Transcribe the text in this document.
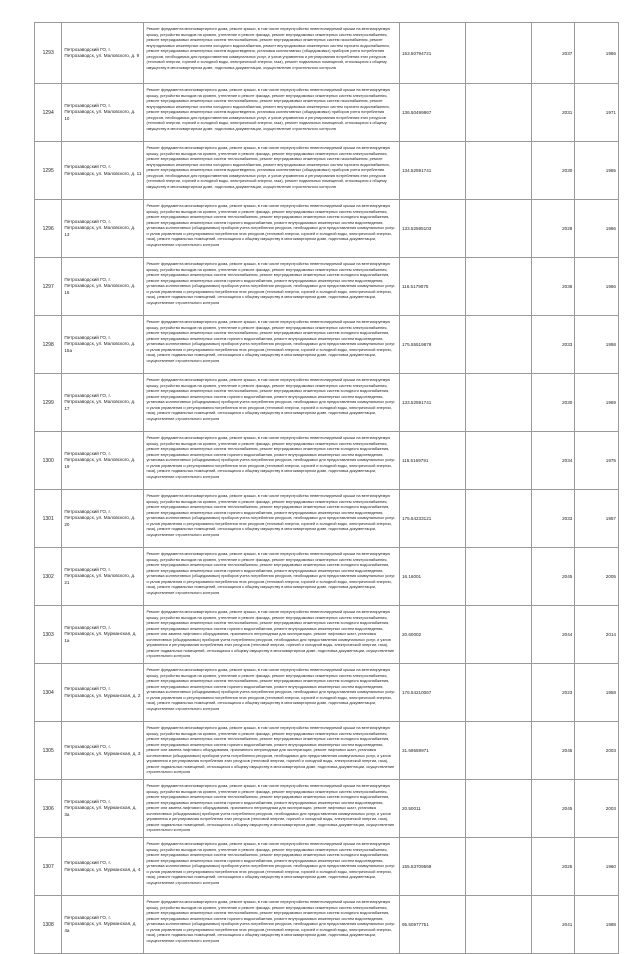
1293	Петрозаводский ГО, г. Петрозаводск, ул. Маловского, д. 9	Ремонт фундамента многоквартирного дома, ремонт крыши, в том числе переустройство невентилируемой крыши на вентилируемую крышу, устройство выходов на кровлю, утепление и ремонт фасада, ремонт внутридомовых инженерных систем электроснабжения, ремонт внутридомовых инженерных систем теплоснабжения, ремонт внутридомовых инженерных систем газоснабжения, ремонт внутридомовых инженерных систем холодного водоснабжения, ремонт внутридомовых инженерных систем горячего водоснабжения, ремонт внутридомовых инженерных систем водоотведения, установка коллективных (общедомовых) приборов учета потребления ресурсов, необходимых для предоставления коммунальных услуг, и узлов управления и регулирования потребления этих ресурсов (тепловой энергии, горячей и холодной воды, электрической энергии, газа), ремонт подвальных помещений, относящихся к общему имуществу в многоквартирном доме, подготовка документации, осуществление строительного контроля	153.50794721		2037	1966
1294	Петрозаводский ГО, г. Петрозаводск, ул. Маловского, д. 10	Ремонт фундамента многоквартирного дома, ремонт крыши, в том числе переустройство невентилируемой крыши на вентилируемую крышу, устройство выходов на кровлю, утепление и ремонт фасада, ремонт внутридомовых инженерных систем электроснабжения, ремонт внутридомовых инженерных систем теплоснабжения, ремонт внутридомовых инженерных систем газоснабжения, ремонт внутридомовых инженерных систем холодного водоснабжения, ремонт внутридомовых инженерных систем горячего водоснабжения, ремонт внутридомовых инженерных систем водоотведения, установка коллективных (общедомовых) приборов учета потребления ресурсов, необходимых для предоставления коммунальных услуг, и узлов управления и регулирования потребления этих ресурсов (тепловой энергии, горячей и холодной воды, электрической энергии, газа), ремонт подвальных помещений, относящихся к общему имуществу в многоквартирном доме, подготовка документации, осуществление строительного контроля	136.50499867		2031	1971
1295	Петрозаводский ГО, г. Петрозаводск, ул. Маловского, д. 11	Ремонт фундамента многоквартирного дома, ремонт крыши, в том числе переустройство невентилируемой крыши на вентилируемую крышу, устройство выходов на кровлю, утепление и ремонт фасада, ремонт внутридомовых инженерных систем электроснабжения, ремонт внутридомовых инженерных систем теплоснабжения, ремонт внутридомовых инженерных систем газоснабжения, ремонт внутридомовых инженерных систем холодного водоснабжения, ремонт внутридомовых инженерных систем горячего водоснабжения, ремонт внутридомовых инженерных систем водоотведения, установка коллективных (общедомовых) приборов учета потребления ресурсов, необходимых для предоставления коммунальных услуг, и узлов управления и регулирования потребления этих ресурсов (тепловой энергии, горячей и холодной воды, электрической энергии, газа), ремонт подвальных помещений, относящихся к общему имуществу в многоквартирном доме, подготовка документации, осуществление строительного контроля	134.52591741		2030	1965
1296	Петрозаводский ГО, г. Петрозаводск, ул. Маловского, д. 13	Ремонт фундамента многоквартирного дома, ремонт крыши, в том числе переустройство невентилируемой крыши на вентилируемую крышу, устройство выходов на кровлю, утепление и ремонт фасада, ремонт внутридомовых инженерных систем электроснабжения, ремонт внутридомовых инженерных систем теплоснабжения, ремонт внутридомовых инженерных систем холодного водоснабжения, ремонт внутридомовых инженерных систем горячего водоснабжения, ремонт внутридомовых инженерных систем водоотведения, установка коллективных (общедомовых) приборов учета потребления ресурсов, необходимых для предоставления коммунальных услуг, и узлов управления и регулирования потребления этих ресурсов (тепловой энергии, горячей и холодной воды, электрической энергии, газа), ремонт подвальных помещений, относящихся к общему имуществу в многоквартирном доме, подготовка документации, осуществление строительного контроля	133.52595103		2028	1966
1297	Петрозаводский ГО, г. Петрозаводск, ул. Маловского, д. 15	Ремонт фундамента многоквартирного дома, ремонт крыши, в том числе переустройство невентилируемой крыши на вентилируемую крышу, устройство выходов на кровлю, утепление и ремонт фасада, ремонт внутридомовых инженерных систем электроснабжения, ремонт внутридомовых инженерных систем теплоснабжения, ремонт внутридомовых инженерных систем холодного водоснабжения, ремонт внутридомовых инженерных систем горячего водоснабжения, ремонт внутридомовых инженерных систем водоотведения, установка коллективных (общедомовых) приборов учета потребления ресурсов, необходимых для предоставления коммунальных услуг, и узлов управления и регулирования потребления этих ресурсов (тепловой энергии, горячей и холодной воды, электрической энергии, газа), ремонт подвальных помещений, относящихся к общему имуществу в многоквартирном доме, подготовка документации, осуществление строительного контроля	116.5179075		2036	1966
1298	Петрозаводский ГО, г. Петрозаводск, ул. Маловского, д. 15а	Ремонт фундамента многоквартирного дома, ремонт крыши, в том числе переустройство невентилируемой крыши на вентилируемую крышу, устройство выходов на кровлю, утепление и ремонт фасада, ремонт внутридомовых инженерных систем электроснабжения, ремонт внутридомовых инженерных систем теплоснабжения, ремонт внутридомовых инженерных систем холодного водоснабжения, ремонт внутридомовых инженерных систем горячего водоснабжения, ремонт внутридомовых инженерных систем водоотведения, установка коллективных (общедомовых) приборов учета потребления ресурсов, необходимых для предоставления коммунальных услуг, и узлов управления и регулирования потребления этих ресурсов (тепловой энергии, горячей и холодной воды, электрической энергии, газа), ремонт подвальных помещений, относящихся к общему имуществу в многоквартирном доме, подготовка документации, осуществление строительного контроля	175.55519879		2033	1958
1299	Петрозаводский ГО, г. Петрозаводск, ул. Маловского, д. 17	Ремонт фундамента многоквартирного дома, ремонт крыши, в том числе переустройство невентилируемой крыши на вентилируемую крышу, устройство выходов на кровлю, утепление и ремонт фасада, ремонт внутридомовых инженерных систем электроснабжения, ремонт внутридомовых инженерных систем теплоснабжения, ремонт внутридомовых инженерных систем холодного водоснабжения, ремонт внутридомовых инженерных систем горячего водоснабжения, ремонт внутридомовых инженерных систем водоотведения, установка коллективных (общедомовых) приборов учета потребления ресурсов, необходимых для предоставления коммунальных услуг, и узлов управления и регулирования потребления этих ресурсов (тепловой энергии, горячей и холодной воды, электрической энергии, газа), ремонт подвальных помещений, относящихся к общему имуществу в многоквартирном доме, подготовка документации, осуществление строительного контроля	133.52591741		2030	1969
1300	Петрозаводский ГО, г. Петрозаводск, ул. Маловского, д. 19	Ремонт фундамента многоквартирного дома, ремонт крыши, в том числе переустройство невентилируемой крыши на вентилируемую крышу, устройство выходов на кровлю, утепление и ремонт фасада, ремонт внутридомовых инженерных систем электроснабжения, ремонт внутридомовых инженерных систем теплоснабжения, ремонт внутридомовых инженерных систем холодного водоснабжения, ремонт внутридомовых инженерных систем горячего водоснабжения, ремонт внутридомовых инженерных систем водоотведения, установка коллективных (общедомовых) приборов учета потребления ресурсов, необходимых для предоставления коммунальных услуг, и узлов управления и регулирования потребления этих ресурсов (тепловой энергии, горячей и холодной воды, электрической энергии, газа), ремонт подвальных помещений, относящихся к общему имуществу в многоквартирном доме, подготовка документации, осуществление строительного контроля	115.5169791		2034	1975
1301	Петрозаводский ГО, г. Петрозаводск, ул. Маловского, д. 20	Ремонт фундамента многоквартирного дома, ремонт крыши, в том числе переустройство невентилируемой крыши на вентилируемую крышу, устройство выходов на кровлю, утепление и ремонт фасада, ремонт внутридомовых инженерных систем электроснабжения, ремонт внутридомовых инженерных систем теплоснабжения, ремонт внутридомовых инженерных систем холодного водоснабжения, ремонт внутридомовых инженерных систем горячего водоснабжения, ремонт внутридомовых инженерных систем водоотведения, установка коллективных (общедомовых) приборов учета потребления ресурсов, необходимых для предоставления коммунальных услуг, и узлов управления и регулирования потребления этих ресурсов (тепловой энергии, горячей и холодной воды, электрической энергии, газа), ремонт подвальных помещений, относящихся к общему имуществу в многоквартирном доме, подготовка документации, осуществление строительного контроля	175.54233121		2033	1957
1302	Петрозаводский ГО, г. Петрозаводск, ул. Маловского, д. 21	Ремонт фундамента многоквартирного дома, ремонт крыши, в том числе переустройство невентилируемой крыши на вентилируемую крышу, устройство выходов на кровлю, утепление и ремонт фасада, ремонт внутридомовых инженерных систем электроснабжения, ремонт внутридомовых инженерных систем теплоснабжения, ремонт внутридомовых инженерных систем холодного водоснабжения, ремонт внутридомовых инженерных систем горячего водоснабжения, ремонт внутридомовых инженерных систем водоотведения, установка коллективных (общедомовых) приборов учета потребления ресурсов, необходимых для предоставления коммунальных услуг, и узлов управления и регулирования потребления этих ресурсов (тепловой энергии, горячей и холодной воды, электрической энергии, газа), ремонт подвальных помещений, относящихся к общему имуществу в многоквартирном доме, подготовка документации, осуществление строительного контроля	16.16001		2045	2005
1303	Петрозаводский ГО, г. Петрозаводск, ул. Мурманская, д. 1а	Ремонт фундамента многоквартирного дома, ремонт крыши, в том числе переустройство невентилируемой крыши на вентилируемую крышу, устройство выходов на кровлю, утепление и ремонт фасада, ремонт внутридомовых инженерных систем электроснабжения, ремонт внутридомовых инженерных систем теплоснабжения, ремонт внутридомовых инженерных систем холодного водоснабжения, ремонт внутридомовых инженерных систем горячего водоснабжения, ремонт внутридомовых инженерных систем водоотведения, ремонт или замена лифтового оборудования, признанного непригодным для эксплуатации, ремонт лифтовых шахт, установка коллективных (общедомовых) приборов учета потребления ресурсов, необходимых для предоставления коммунальных услуг, и узлов управления и регулирования потребления этих ресурсов (тепловой энергии, горячей и холодной воды, электрической энергии, газа), ремонт подвальных помещений, относящихся к общему имуществу в многоквартирном доме, подготовка документации, осуществление строительного контроля	20.60002		2044	2014
1304	Петрозаводский ГО, г. Петрозаводск, ул. Мурманская, д. 2	Ремонт фундамента многоквартирного дома, ремонт крыши, в том числе переустройство невентилируемой крыши на вентилируемую крышу, устройство выходов на кровлю, утепление и ремонт фасада, ремонт внутридомовых инженерных систем электроснабжения, ремонт внутридомовых инженерных систем теплоснабжения, ремонт внутридомовых инженерных систем холодного водоснабжения, ремонт внутридомовых инженерных систем горячего водоснабжения, ремонт внутридомовых инженерных систем водоотведения, установка коллективных (общедомовых) приборов учета потребления ресурсов, необходимых для предоставления коммунальных услуг, и узлов управления и регулирования потребления этих ресурсов (тепловой энергии, горячей и холодной воды, электрической энергии, газа), ремонт подвальных помещений, относящихся к общему имуществу в многоквартирном доме, подготовка документации, осуществление строительного контроля	176.54210067		2023	1958
1305	Петрозаводский ГО, г. Петрозаводск, ул. Мурманская, д. 3	Ремонт фундамента многоквартирного дома, ремонт крыши, в том числе переустройство невентилируемой крыши на вентилируемую крышу, устройство выходов на кровлю, утепление и ремонт фасада, ремонт внутридомовых инженерных систем электроснабжения, ремонт внутридомовых инженерных систем теплоснабжения, ремонт внутридомовых инженерных систем холодного водоснабжения, ремонт внутридомовых инженерных систем горячего водоснабжения, ремонт внутридомовых инженерных систем водоотведения, ремонт или замена лифтового оборудования, признанного непригодным для эксплуатации, ремонт лифтовых шахт, установка коллективных (общедомовых) приборов учета потребления ресурсов, необходимых для предоставления коммунальных услуг, и узлов управления и регулирования потребления этих ресурсов (тепловой энергии, горячей и холодной воды, электрической энергии, газа), ремонт подвальных помещений, относящихся к общему имуществу в многоквартирном доме, подготовка документации, осуществление строительного контроля	31.59559971		2045	2003
1306	Петрозаводский ГО, г. Петрозаводск, ул. Мурманская, д. 3а	Ремонт фундамента многоквартирного дома, ремонт крыши, в том числе переустройство невентилируемой крыши на вентилируемую крышу, устройство выходов на кровлю, утепление и ремонт фасада, ремонт внутридомовых инженерных систем электроснабжения, ремонт внутридомовых инженерных систем теплоснабжения, ремонт внутридомовых инженерных систем холодного водоснабжения, ремонт внутридомовых инженерных систем горячего водоснабжения, ремонт внутридомовых инженерных систем водоотведения, ремонт или замена лифтового оборудования, признанного непригодным для эксплуатации, ремонт лифтовых шахт, установка коллективных (общедомовых) приборов учета потребления ресурсов, необходимых для предоставления коммунальных услуг, и узлов управления и регулирования потребления этих ресурсов (тепловой энергии, горячей и холодной воды, электрической энергии, газа), ремонт подвальных помещений, относящихся к общему имуществу в многоквартирном доме, подготовка документации, осуществление строительного контроля	20.50011		2045	2003
1307	Петрозаводский ГО, г. Петрозаводск, ул. Мурманская, д. 4	Ремонт фундамента многоквартирного дома, ремонт крыши, в том числе переустройство невентилируемой крыши на вентилируемую крышу, устройство выходов на кровлю, утепление и ремонт фасада, ремонт внутридомовых инженерных систем электроснабжения, ремонт внутридомовых инженерных систем теплоснабжения, ремонт внутридомовых инженерных систем холодного водоснабжения, ремонт внутридомовых инженерных систем горячего водоснабжения, ремонт внутридомовых инженерных систем водоотведения, установка коллективных (общедомовых) приборов учета потребления ресурсов, необходимых для предоставления коммунальных услуг, и узлов управления и регулирования потребления этих ресурсов (тепловой энергии, горячей и холодной воды, электрической энергии, газа), ремонт подвальных помещений, относящихся к общему имуществу в многоквартирном доме, подготовка документации, осуществление строительного контроля	155.53709569		2025	1960
1308	Петрозаводский ГО, г. Петрозаводск, ул. Мурманская, д. 4а	Ремонт фундамента многоквартирного дома, ремонт крыши, в том числе переустройство невентилируемой крыши на вентилируемую крышу, устройство выходов на кровлю, утепление и ремонт фасада, ремонт внутридомовых инженерных систем электроснабжения, ремонт внутридомовых инженерных систем теплоснабжения, ремонт внутридомовых инженерных систем холодного водоснабжения, ремонт внутридомовых инженерных систем горячего водоснабжения, ремонт внутридомовых инженерных систем водоотведения, установка коллективных (общедомовых) приборов учета потребления ресурсов, необходимых для предоставления коммунальных услуг, и узлов управления и регулирования потребления этих ресурсов (тепловой энергии, горячей и холодной воды, электрической энергии, газа), ремонт подвальных помещений, относящихся к общему имуществу в многоквартирном доме, подготовка документации, осуществление строительного контроля	95.50977751		2041	1988
